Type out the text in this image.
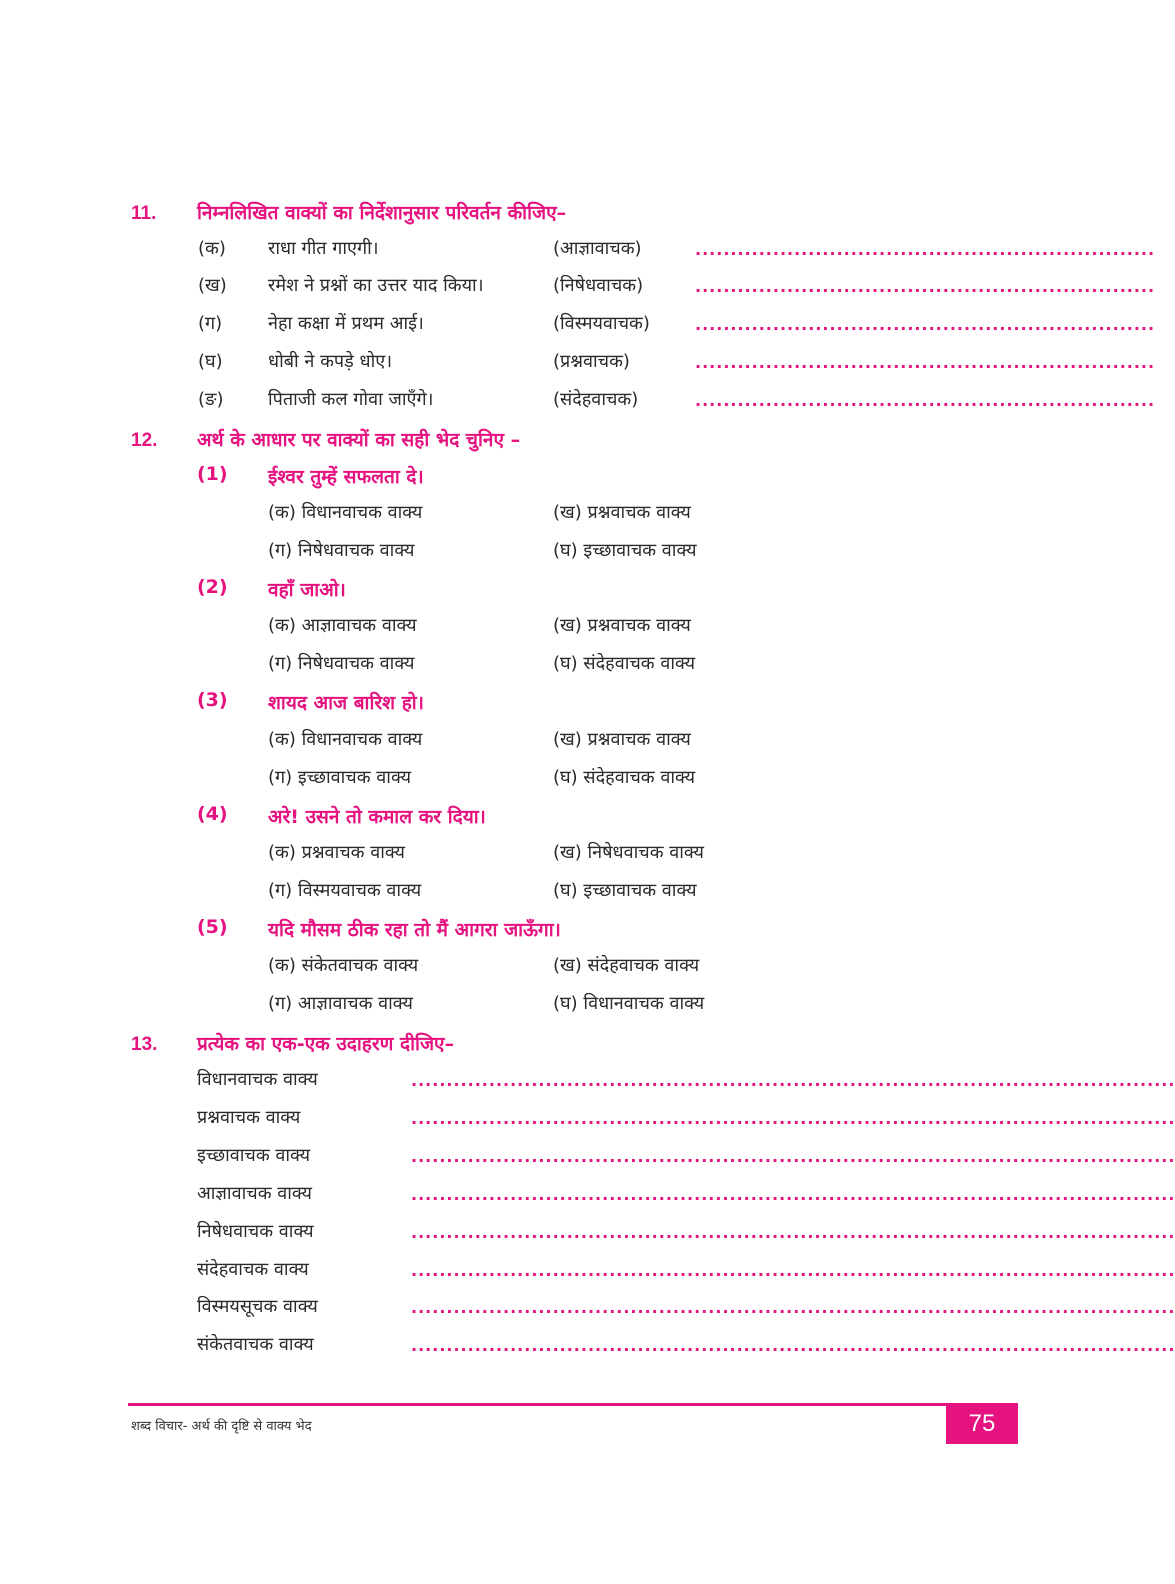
11. निम्नलिखित वाक्यों का निर्देशानुसार परिवर्तन कीजिए–
(क) राधा गीत गाएगी।	(आज्ञावाचक)	.................................................................
(ख) रमेश ने प्रश्नों का उत्तर याद किया।	(निषेधवाचक)	.................................................................
(ग)	नेहा कक्षा में प्रथम आई।	(विस्मयवाचक)	.................................................................
(घ)	धोबी ने कपड़े धोए।	(प्रश्नवाचक)	.................................................................
(ङ) पिताजी कल गोवा जाएँगे।	(संदेहवाचक)	.................................................................
12. अर्थ के आधार पर वाक्यों का सही भेद चुनिए –
(1) ईश्वर तुम्हें सफलता दे।
(क) विधानवाचक वाक्य	(ख) प्रश्नवाचक वाक्य
(ग) निषेधवाचक वाक्य	(घ) इच्छावाचक वाक्य
(2) वहाँ जाओ।
(क) आज्ञावाचक वाक्य	(ख) प्रश्नवाचक वाक्य
(ग) निषेधवाचक वाक्य	(घ) संदेहवाचक वाक्य
(3) शायद आज बारिश हो।
(क) विधानवाचक वाक्य	(ख) प्रश्नवाचक वाक्य
(ग) इच्छावाचक वाक्य	(घ) संदेहवाचक वाक्य
(4) अरे! उसने तो कमाल कर दिया।
(क) प्रश्नवाचक वाक्य	(ख) निषेधवाचक वाक्य
(ग) विस्मयवाचक वाक्य	(घ) इच्छावाचक वाक्य
(5) यदि मौसम ठीक रहा तो मैं आगरा जाऊँगा।
(क) संकेतवाचक वाक्य	(ख) संदेहवाचक वाक्य
(ग) आज्ञावाचक वाक्य	(घ) विधानवाचक वाक्य
13. प्रत्येक का एक-एक उदाहरण दीजिए–
विधानवाचक वाक्य	............................................................................................................
प्रश्नवाचक वाक्य	............................................................................................................
इच्छावाचक वाक्य	............................................................................................................
आज्ञावाचक वाक्य	............................................................................................................
निषेधवाचक वाक्य	............................................................................................................
संदेहवाचक वाक्य	............................................................................................................
विस्मयसूचक वाक्य	............................................................................................................
संकेतवाचक वाक्य	............................................................................................................
शब्द विचार- अर्थ की दृष्टि से वाक्य भेद	75
